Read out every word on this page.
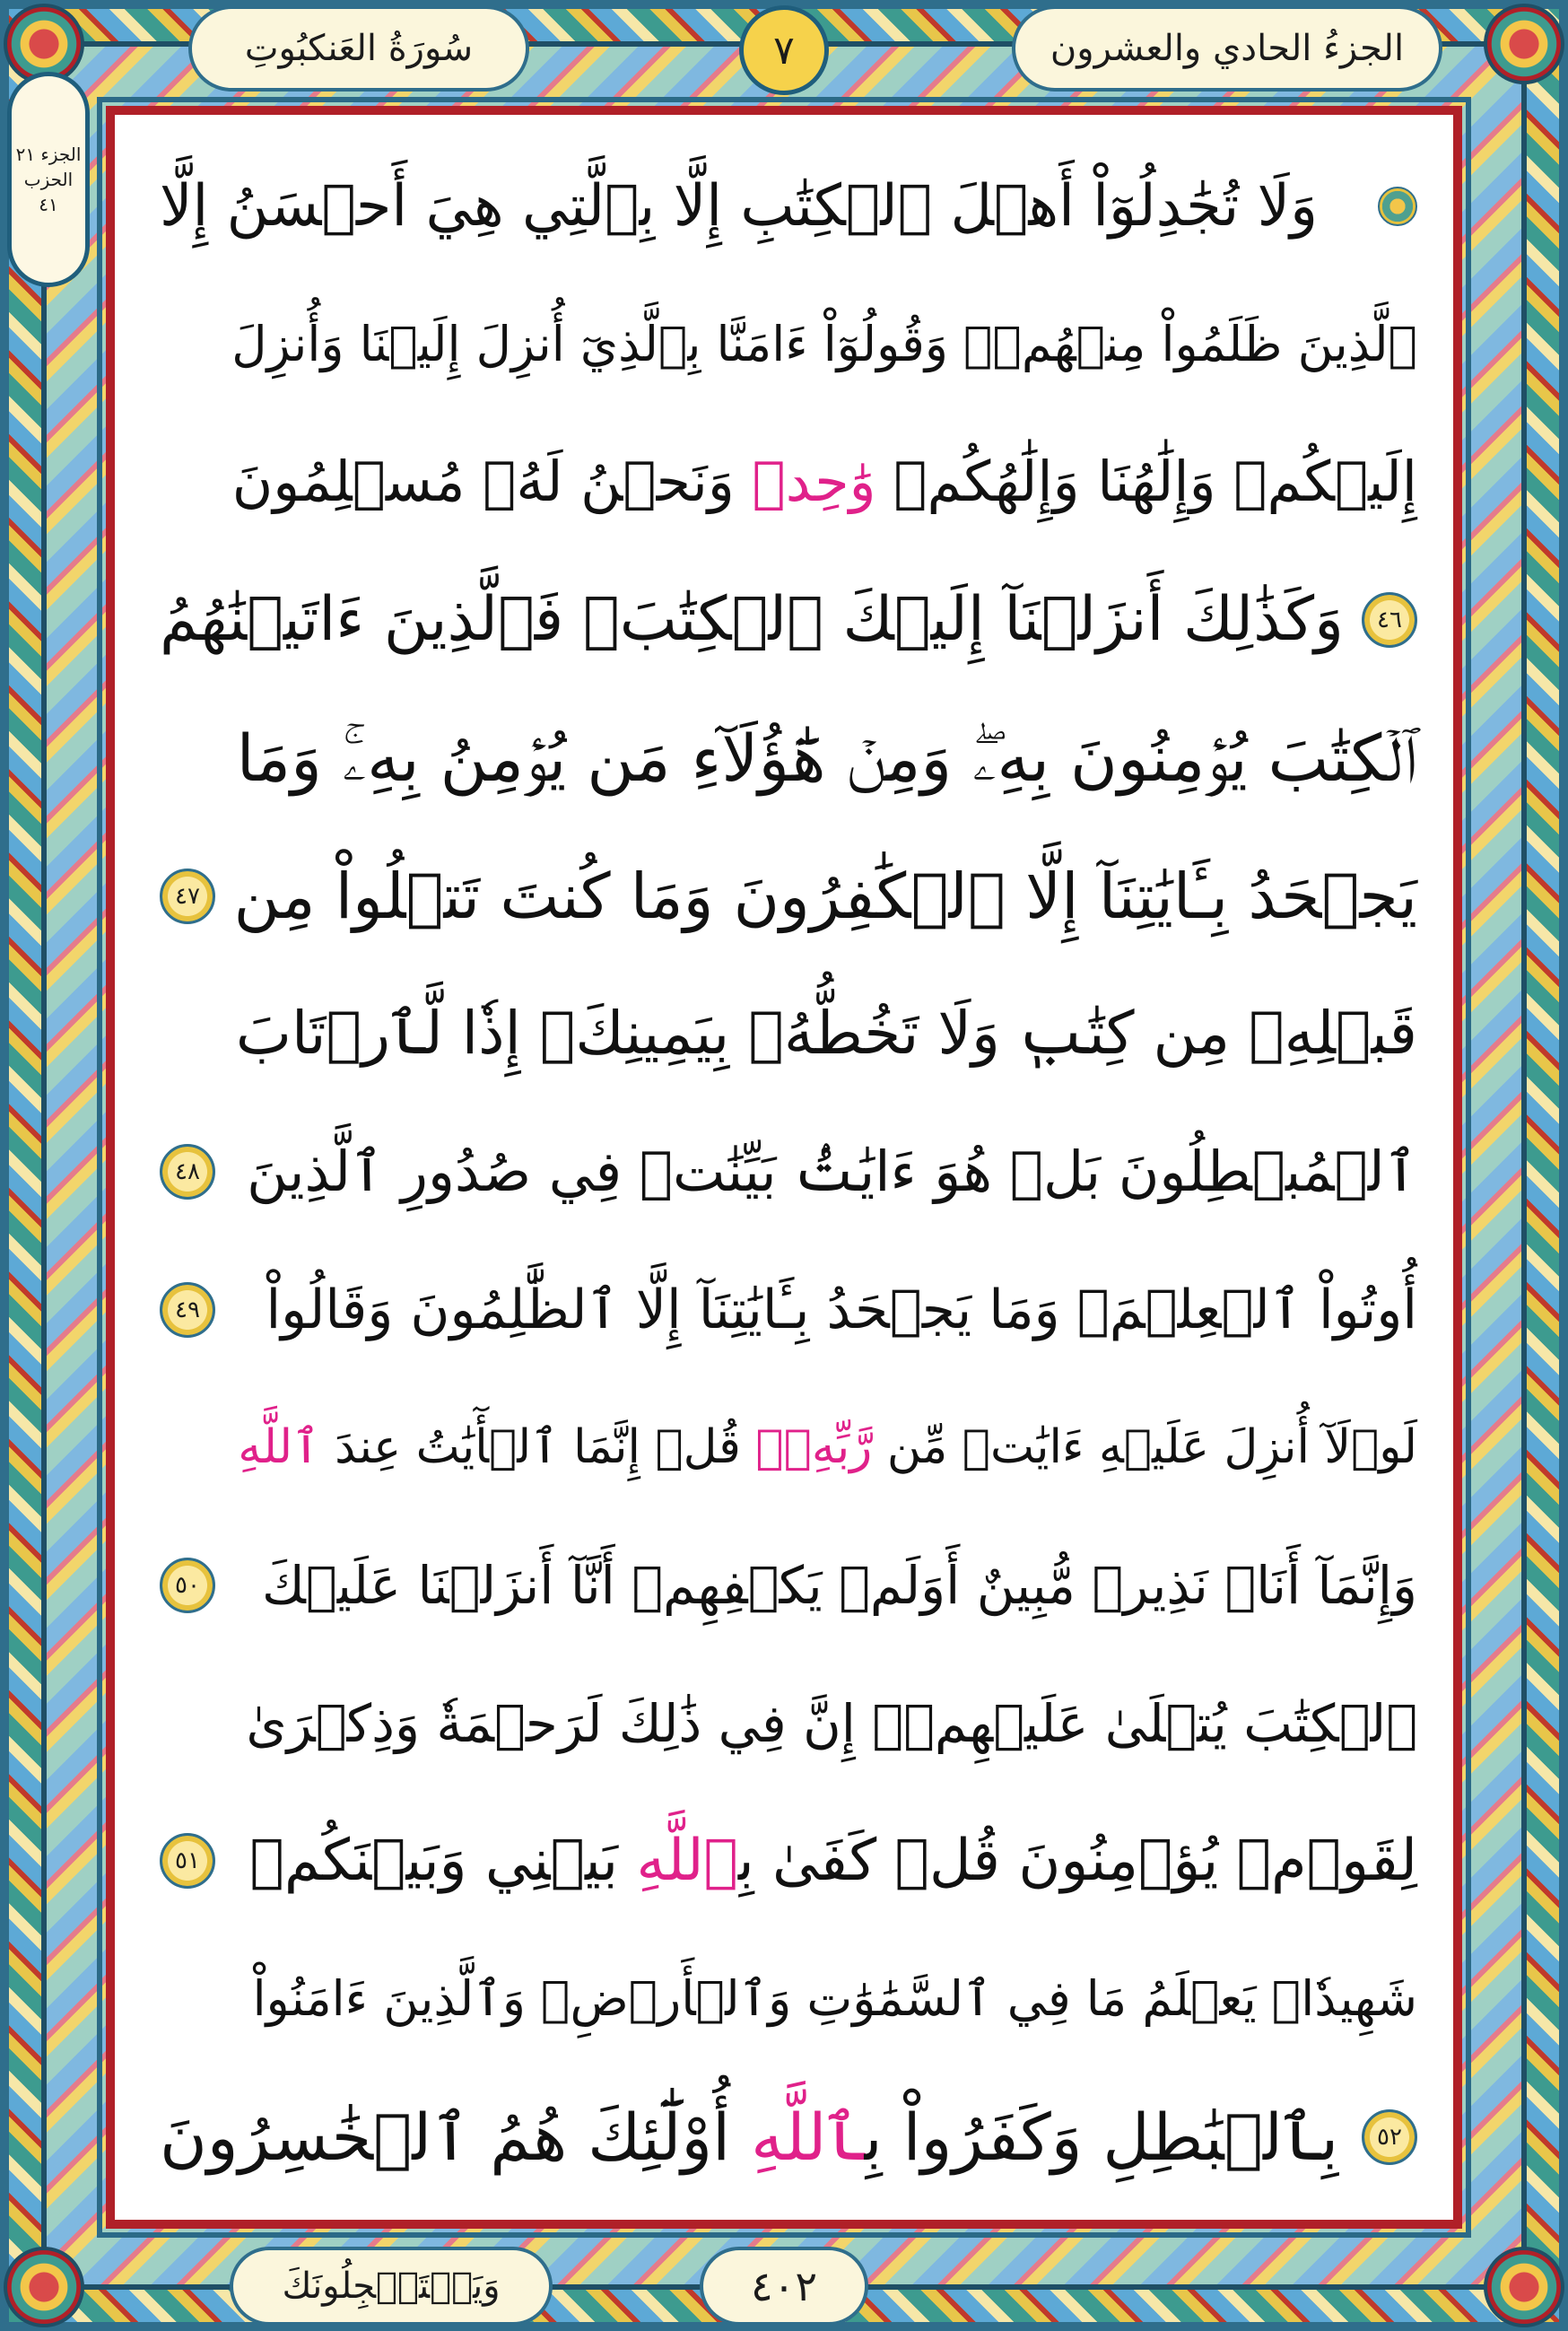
الجزءُ الحادي والعشرون
٧
سُورَةُ العَنكبُوتِ
الجزء ٢١
الحزب ٤١	وَلَا تُجَٰدِلُوٓاْ أَهۡلَ ٱلۡكِتَٰبِ إِلَّا بِٱلَّتِي هِيَ أَحۡسَنُ إِلَّا
ٱلَّذِينَ ظَلَمُواْ مِنۡهُمۡۖ وَقُولُوٓاْ ءَامَنَّا بِٱلَّذِيٓ أُنزِلَ إِلَيۡنَا وَأُنزِلَ
إِلَيۡكُمۡ وَإِلَٰهُنَا وَإِلَٰهُكُمۡ وَٰحِدٞ وَنَحۡنُ لَهُۥ مُسۡلِمُونَ
٤٦
وَكَذَٰلِكَ أَنزَلۡنَآ إِلَيۡكَ ٱلۡكِتَٰبَۚ فَٱلَّذِينَ ءَاتَيۡنَٰهُمُ
ٱلۡكِتَٰبَ يُؤۡمِنُونَ بِهِۦۖ وَمِنۡ هَٰٓؤُلَآءِ مَن يُؤۡمِنُ بِهِۦۚ وَمَا
يَجۡحَدُ بِـَٔايَٰتِنَآ إِلَّا ٱلۡكَٰفِرُونَ وَمَا كُنتَ تَتۡلُواْ مِن
٤٧
قَبۡلِهِۦ مِن كِتَٰبٖ وَلَا تَخُطُّهُۥ بِيَمِينِكَۖ إِذٗا لَّٱرۡتَابَ
ٱلۡمُبۡطِلُونَ بَلۡ هُوَ ءَايَٰتُۢ بَيِّنَٰتٞ فِي صُدُورِ ٱلَّذِينَ
٤٨
أُوتُواْ ٱلۡعِلۡمَۚ وَمَا يَجۡحَدُ بِـَٔايَٰتِنَآ إِلَّا ٱلظَّٰلِمُونَ وَقَالُواْ
٤٩
لَوۡلَآ أُنزِلَ عَلَيۡهِ ءَايَٰتٞ مِّن رَّبِّهِۦۚ قُلۡ إِنَّمَا ٱلۡأٓيَٰتُ عِندَ ٱللَّهِ
وَإِنَّمَآ أَنَا۠ نَذِيرٞ مُّبِينٌ أَوَلَمۡ يَكۡفِهِمۡ أَنَّآ أَنزَلۡنَا عَلَيۡكَ
٥٠
ٱلۡكِتَٰبَ يُتۡلَىٰ عَلَيۡهِمۡۚ إِنَّ فِي ذَٰلِكَ لَرَحۡمَةٗ وَذِكۡرَىٰ
لِقَوۡمٖ يُؤۡمِنُونَ قُلۡ كَفَىٰ بِٱللَّهِ بَيۡنِي وَبَيۡنَكُمۡ
٥١
شَهِيدٗاۖ يَعۡلَمُ مَا فِي ٱلسَّمَٰوَٰتِ وَٱلۡأَرۡضِۗ وَٱلَّذِينَ ءَامَنُواْ
٥٢
بِٱلۡبَٰطِلِ وَكَفَرُواْ بِٱللَّهِ أُوْلَٰٓئِكَ هُمُ ٱلۡخَٰسِرُونَ
٤٠٢
وَيَسۡتَعۡجِلُونَكَ
